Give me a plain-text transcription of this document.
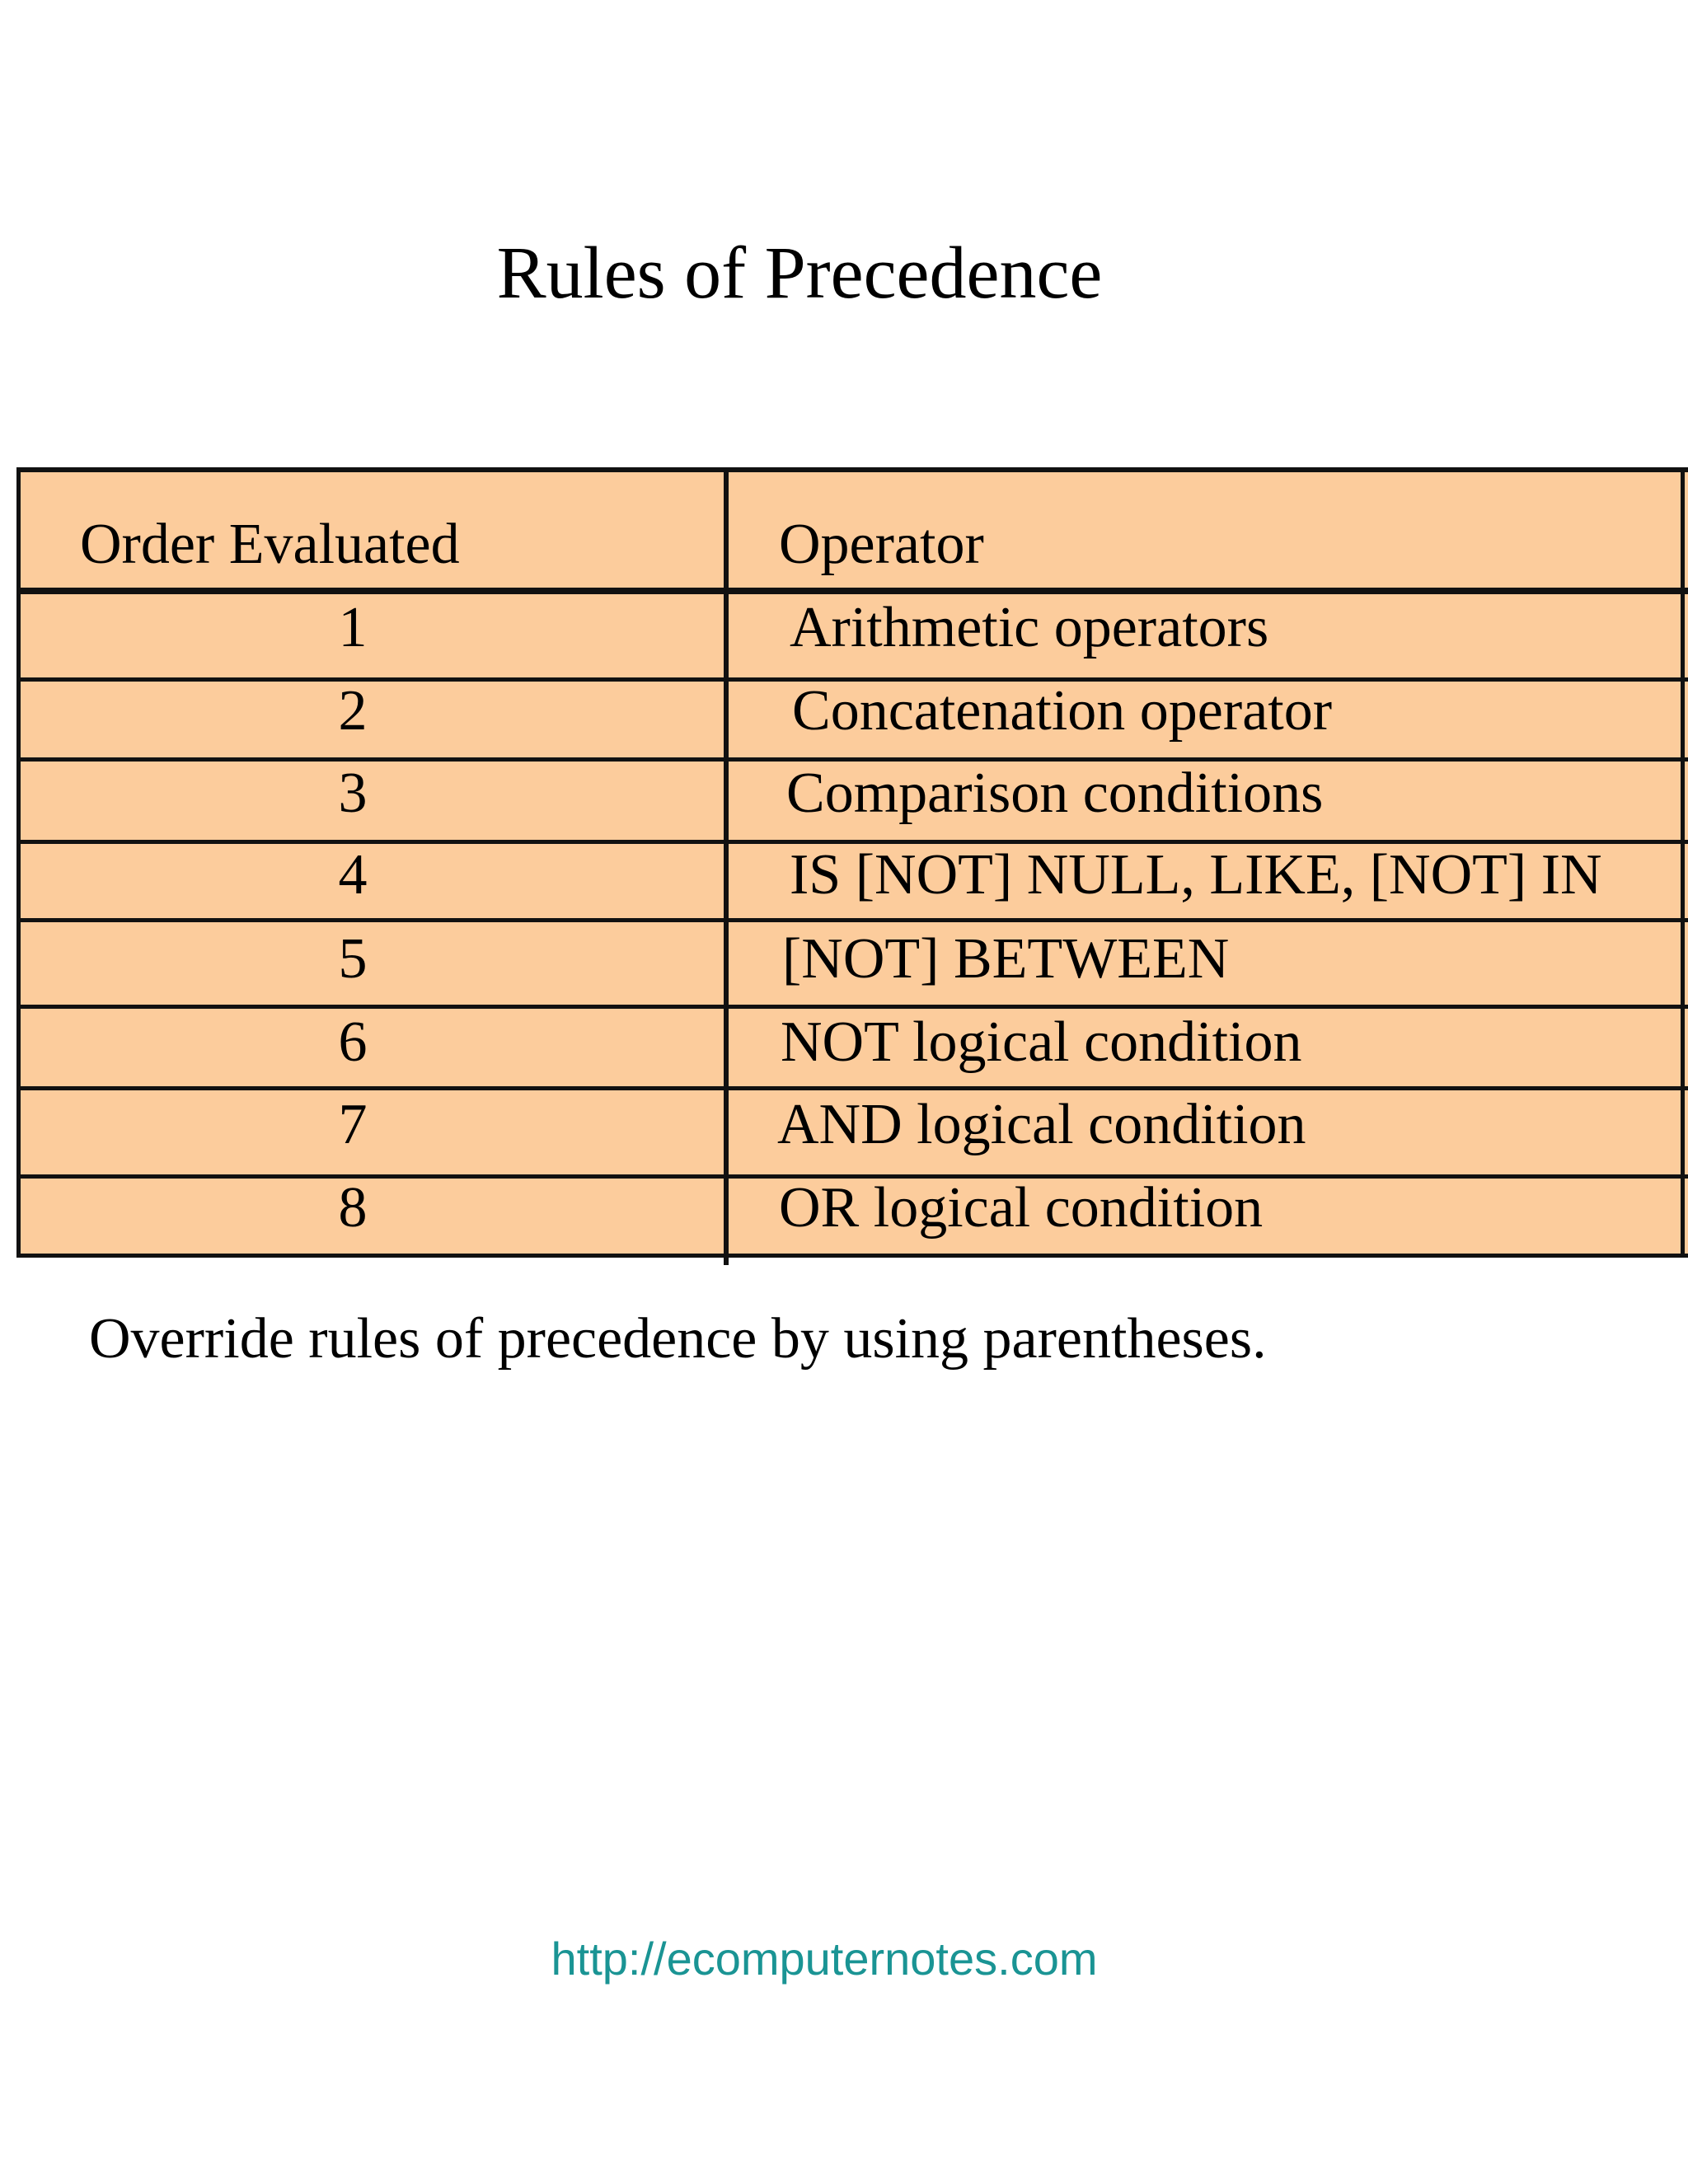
Rules of Precedence
Order Evaluated	Operator
1	Arithmetic operators
2	Concatenation operator
3	Comparison conditions
4	IS [NOT] NULL, LIKE, [NOT] IN
5	[NOT] BETWEEN
6	NOT logical condition
7	AND logical condition
8	OR logical condition
Override rules of precedence by using parentheses.
http://ecomputernotes.com
